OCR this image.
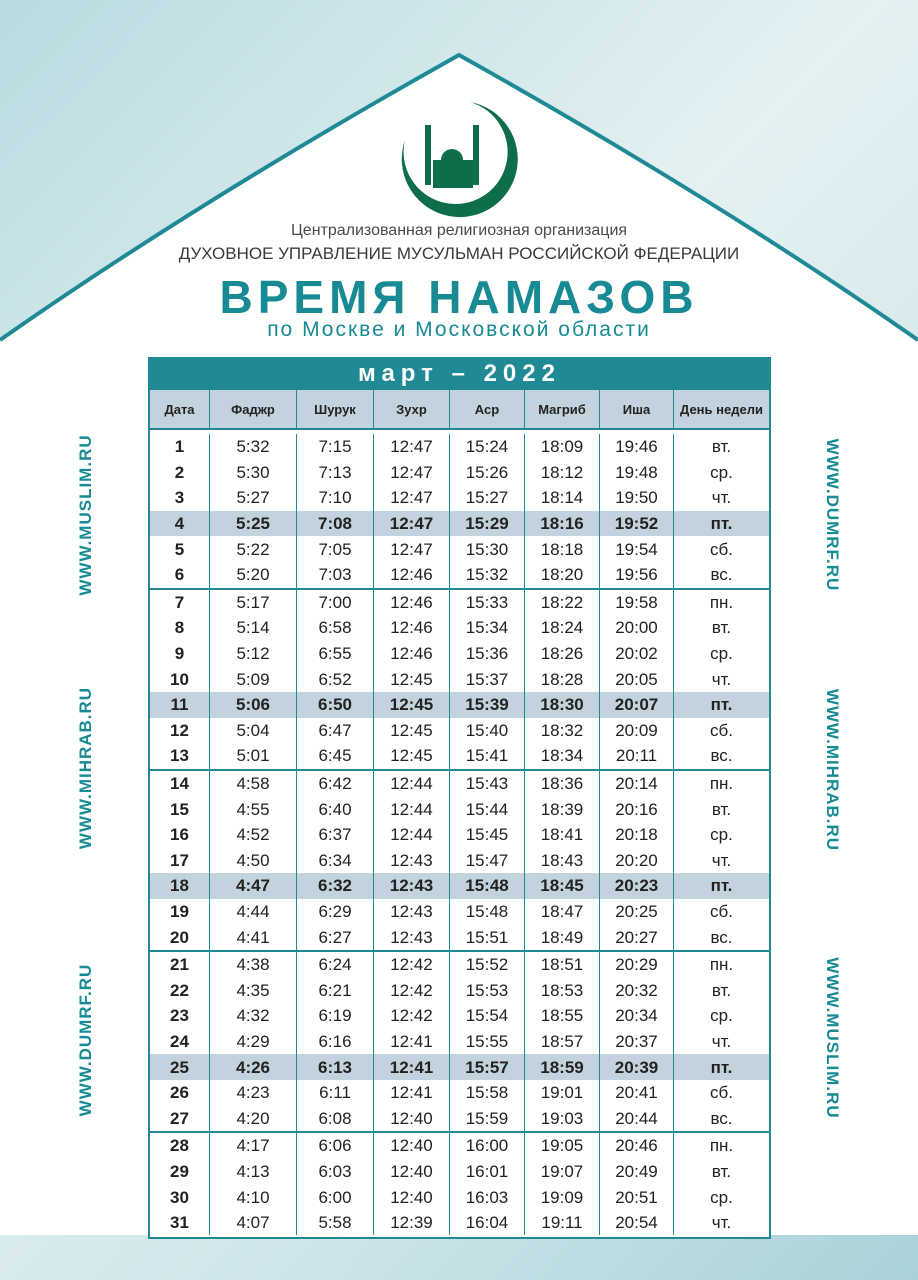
Централизованная религиозная организация
ДУХОВНОЕ УПРАВЛЕНИЕ МУСУЛЬМАН РОССИЙСКОЙ ФЕДЕРАЦИИ
ВРЕМЯ НАМАЗОВ
по Москве и Московской области
WWW.MUSLIM.RU
WWW.MIHRAB.RU
WWW.DUMRF.RU
WWW.DUMRF.RU
WWW.MIHRAB.RU
WWW.MUSLIM.RU
март – 2022
Дата	Фаджр	Шурук	Зухр	Аср	Магриб	Иша	День недели
1	5:32	7:15	12:47	15:24	18:09	19:46	вт.
2	5:30	7:13	12:47	15:26	18:12	19:48	ср.
3	5:27	7:10	12:47	15:27	18:14	19:50	чт.
4	5:25	7:08	12:47	15:29	18:16	19:52	пт.
5	5:22	7:05	12:47	15:30	18:18	19:54	сб.
6	5:20	7:03	12:46	15:32	18:20	19:56	вс.
7	5:17	7:00	12:46	15:33	18:22	19:58	пн.
8	5:14	6:58	12:46	15:34	18:24	20:00	вт.
9	5:12	6:55	12:46	15:36	18:26	20:02	ср.
10	5:09	6:52	12:45	15:37	18:28	20:05	чт.
11	5:06	6:50	12:45	15:39	18:30	20:07	пт.
12	5:04	6:47	12:45	15:40	18:32	20:09	сб.
13	5:01	6:45	12:45	15:41	18:34	20:11	вс.
14	4:58	6:42	12:44	15:43	18:36	20:14	пн.
15	4:55	6:40	12:44	15:44	18:39	20:16	вт.
16	4:52	6:37	12:44	15:45	18:41	20:18	ср.
17	4:50	6:34	12:43	15:47	18:43	20:20	чт.
18	4:47	6:32	12:43	15:48	18:45	20:23	пт.
19	4:44	6:29	12:43	15:48	18:47	20:25	сб.
20	4:41	6:27	12:43	15:51	18:49	20:27	вс.
21	4:38	6:24	12:42	15:52	18:51	20:29	пн.
22	4:35	6:21	12:42	15:53	18:53	20:32	вт.
23	4:32	6:19	12:42	15:54	18:55	20:34	ср.
24	4:29	6:16	12:41	15:55	18:57	20:37	чт.
25	4:26	6:13	12:41	15:57	18:59	20:39	пт.
26	4:23	6:11	12:41	15:58	19:01	20:41	сб.
27	4:20	6:08	12:40	15:59	19:03	20:44	вс.
28	4:17	6:06	12:40	16:00	19:05	20:46	пн.
29	4:13	6:03	12:40	16:01	19:07	20:49	вт.
30	4:10	6:00	12:40	16:03	19:09	20:51	ср.
31	4:07	5:58	12:39	16:04	19:11	20:54	чт.
